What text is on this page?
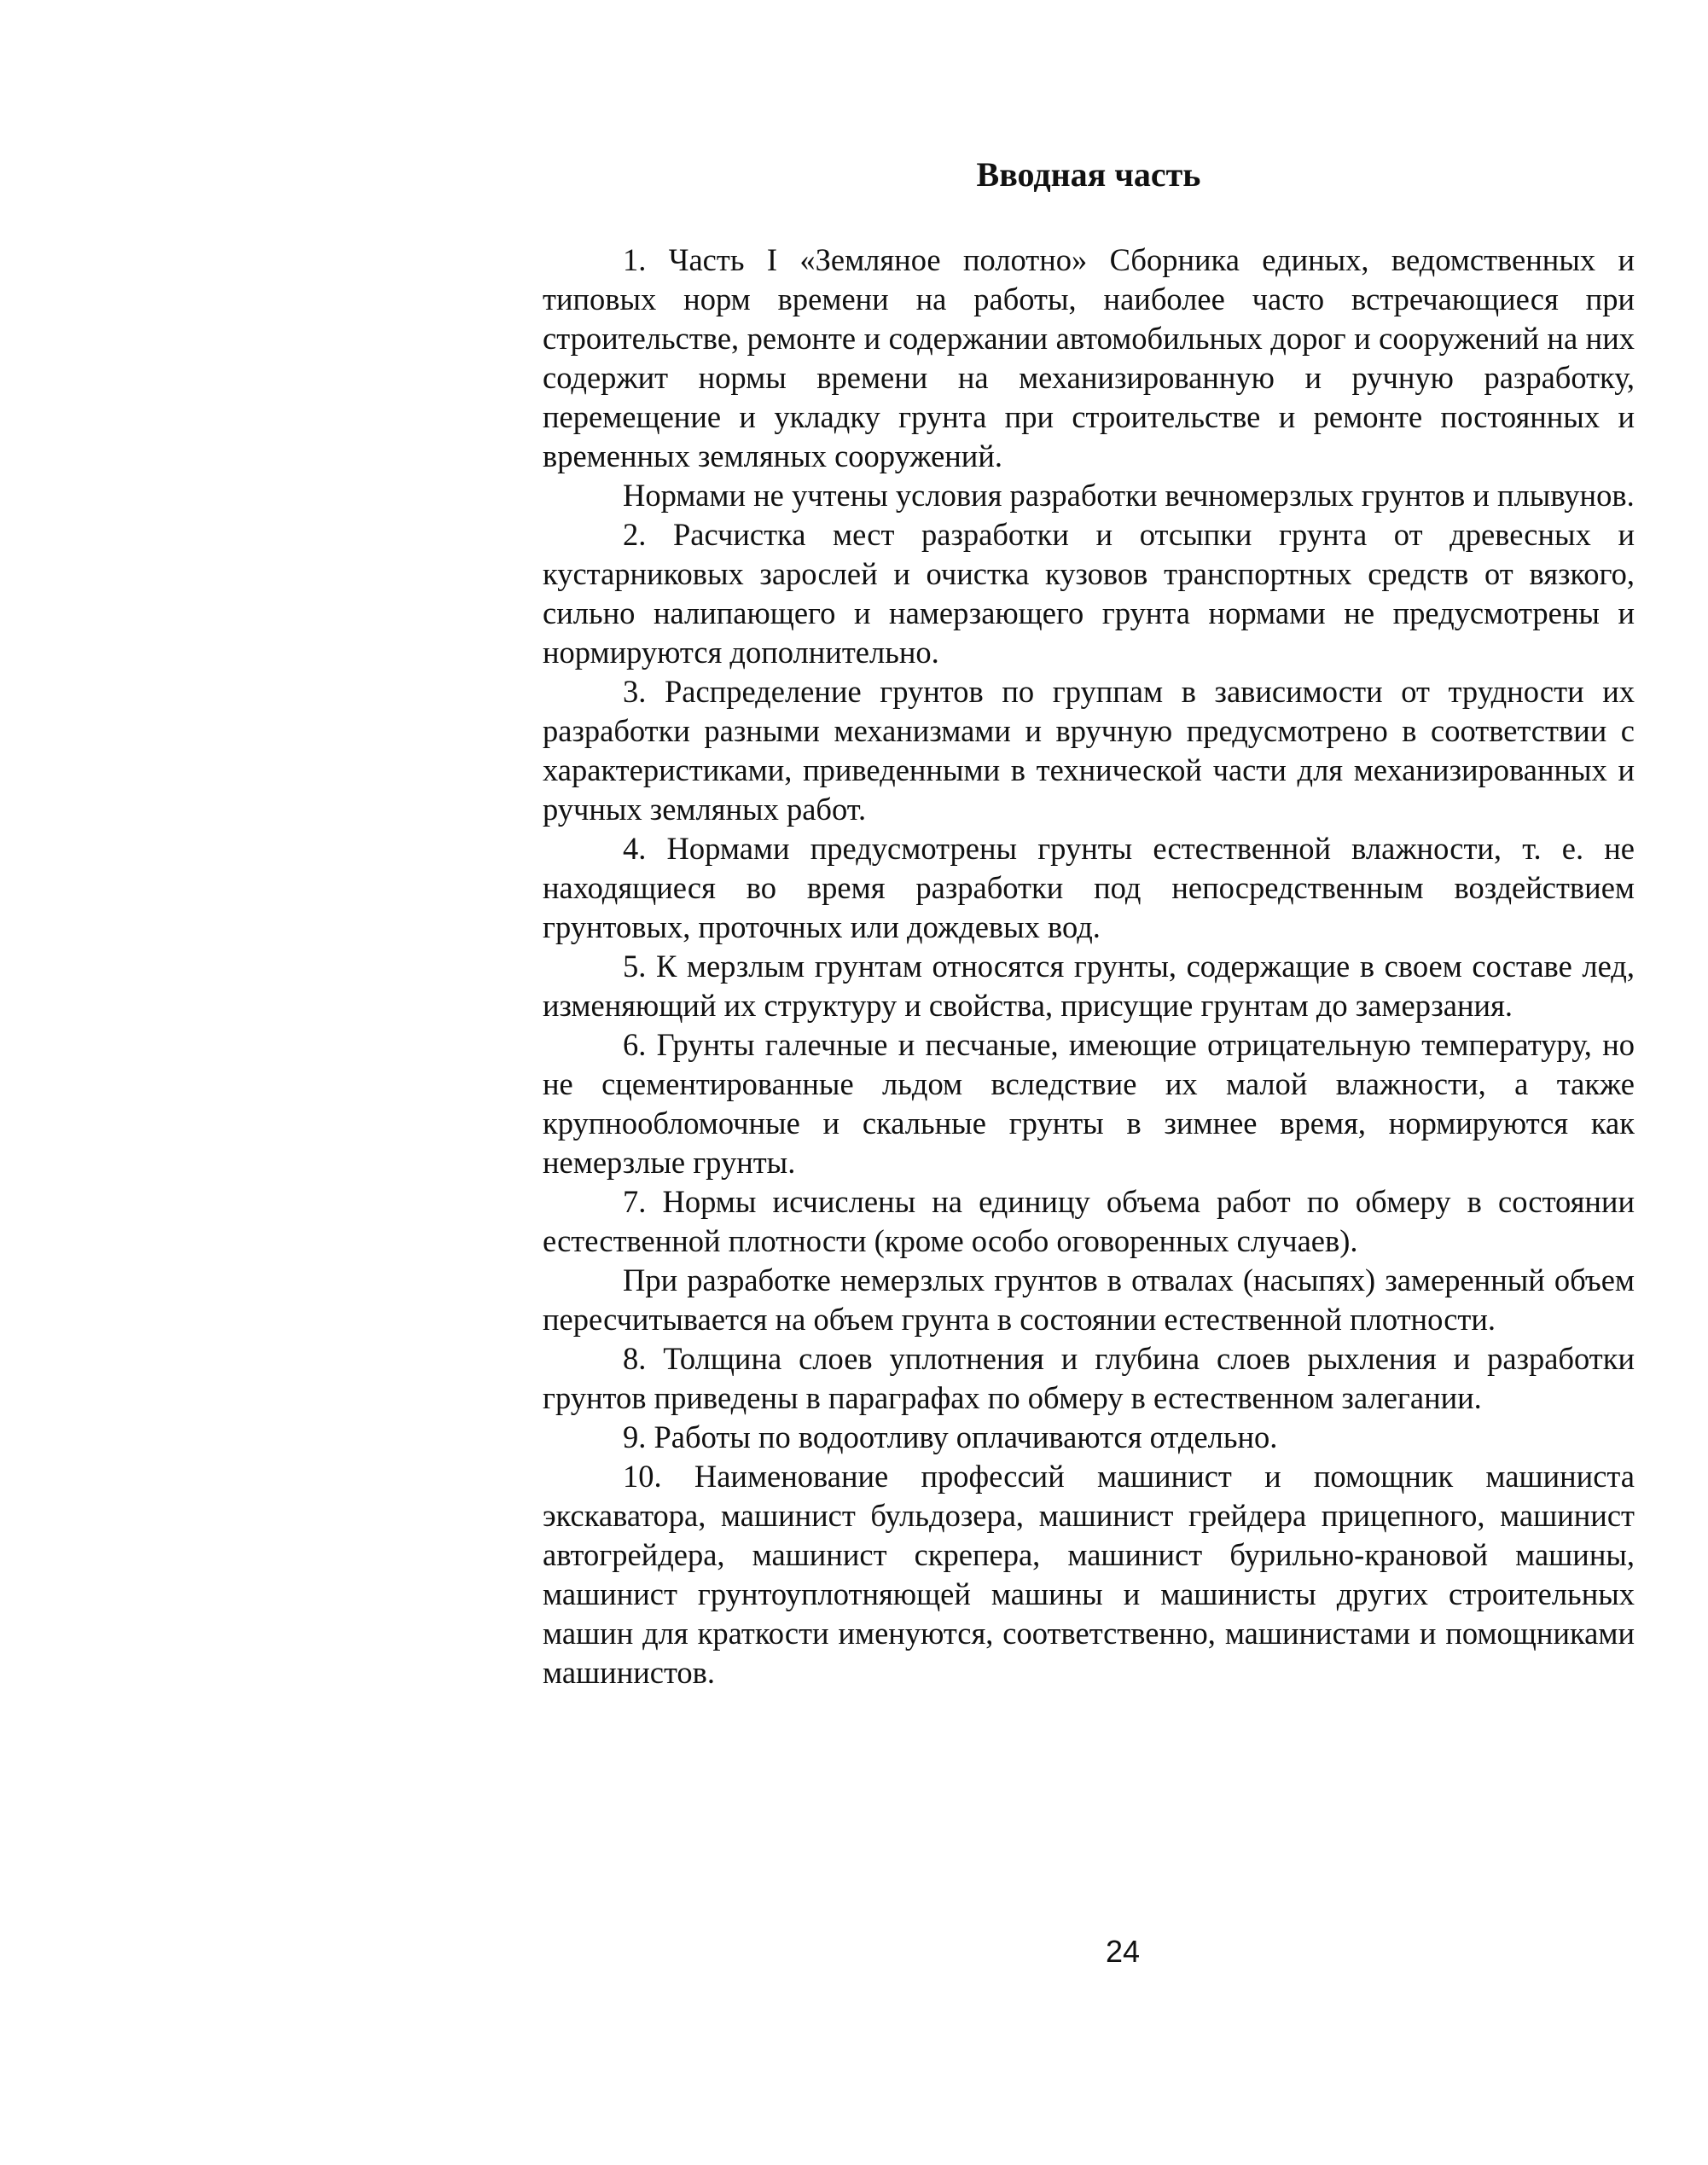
Вводная часть

1. Часть I «Земляное полотно» Сборника единых, ведомственных и типовых норм времени на работы, наиболее часто встречающиеся при строительстве, ремонте и содержании автомобильных дорог и сооружений на них содержит нормы времени на механизированную и ручную разработку, перемещение и укладку грунта при строительстве и ремонте постоянных и временных земляных сооружений.

Нормами не учтены условия разработки вечномерзлых грунтов и плывунов.

2. Расчистка мест разработки и отсыпки грунта от древесных и кустарниковых зарослей и очистка кузовов транспортных средств от вязкого, сильно налипающего и намерзающего грунта нормами не предусмотрены и нормируются дополнительно.

3. Распределение грунтов по группам в зависимости от трудности их разработки разными механизмами и вручную предусмотрено в соответствии с характеристиками, приведенными в технической части для механизированных и ручных земляных работ.

4. Нормами предусмотрены грунты естественной влажности, т. е. не находящиеся во время разработки под непосредственным воздействием грунтовых, проточных или дождевых вод.

5. К мерзлым грунтам относятся грунты, содержащие в своем составе лед, изменяющий их структуру и свойства, присущие грунтам до замерзания.

6. Грунты галечные и песчаные, имеющие отрицательную температуру, но не сцементированные льдом вследствие их малой влажности, а также крупнообломочные и скальные грунты в зимнее время, нормируются как немерзлые грунты.

7. Нормы исчислены на единицу объема работ по обмеру в состоянии естественной плотности (кроме особо оговоренных случаев).

При разработке немерзлых грунтов в отвалах (насыпях) замеренный объем пересчитывается на объем грунта в состоянии естественной плотности.

8. Толщина слоев уплотнения и глубина слоев рыхления и разработки грунтов приведены в параграфах по обмеру в естественном залегании.

9. Работы по водоотливу оплачиваются отдельно.

10. Наименование профессий машинист и помощник машиниста экскаватора, машинист бульдозера, машинист грейдера прицепного, машинист автогрейдера, машинист скрепера, машинист бурильно-крановой машины, машинист грунтоуплотняющей машины и машинисты других строительных машин для краткости именуются, соответственно, машинистами и помощниками машинистов.

24
